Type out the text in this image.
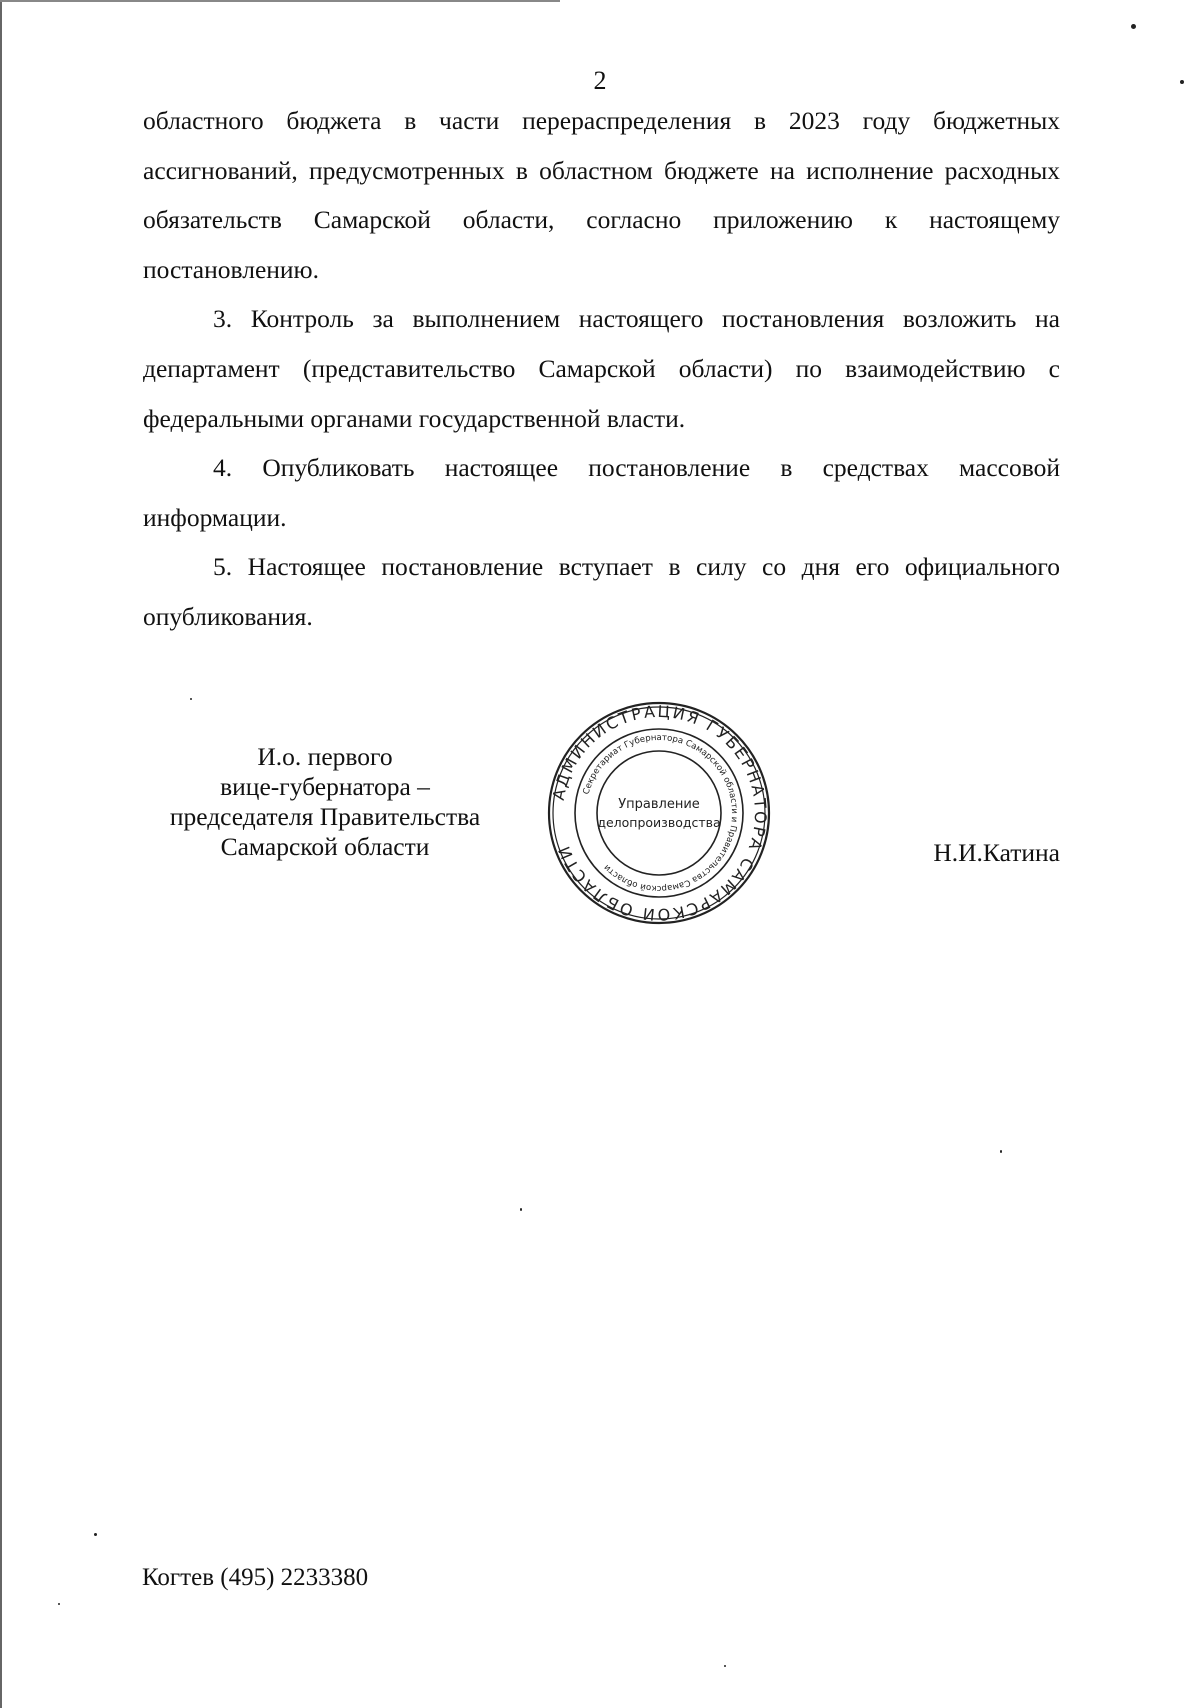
2

областного бюджета в части перераспределения в 2023 году бюджетных ассигнований, предусмотренных в областном бюджете на исполнение расходных обязательств Самарской области, согласно приложению к настоящему постановлению.

3. Контроль за выполнением настоящего постановления возложить на департамент (представительство Самарской области) по взаимодействию с федеральными органами государственной власти.

4. Опубликовать настоящее постановление в средствах массовой информации.

5. Настоящее постановление вступает в силу со дня его официального опубликования.

И.о. первого
вице-губернатора –
председателя Правительства
Самарской области
АДМИНИСТРАЦИЯ ГУБЕРНАТОРА САМАРСКОЙ ОБЛАСТИ
Секретариат Губернатора Самарской области и Правительства Самарской области
Управление
делопроизводства
Н.И.Катина
Когтев (495) 2233380
